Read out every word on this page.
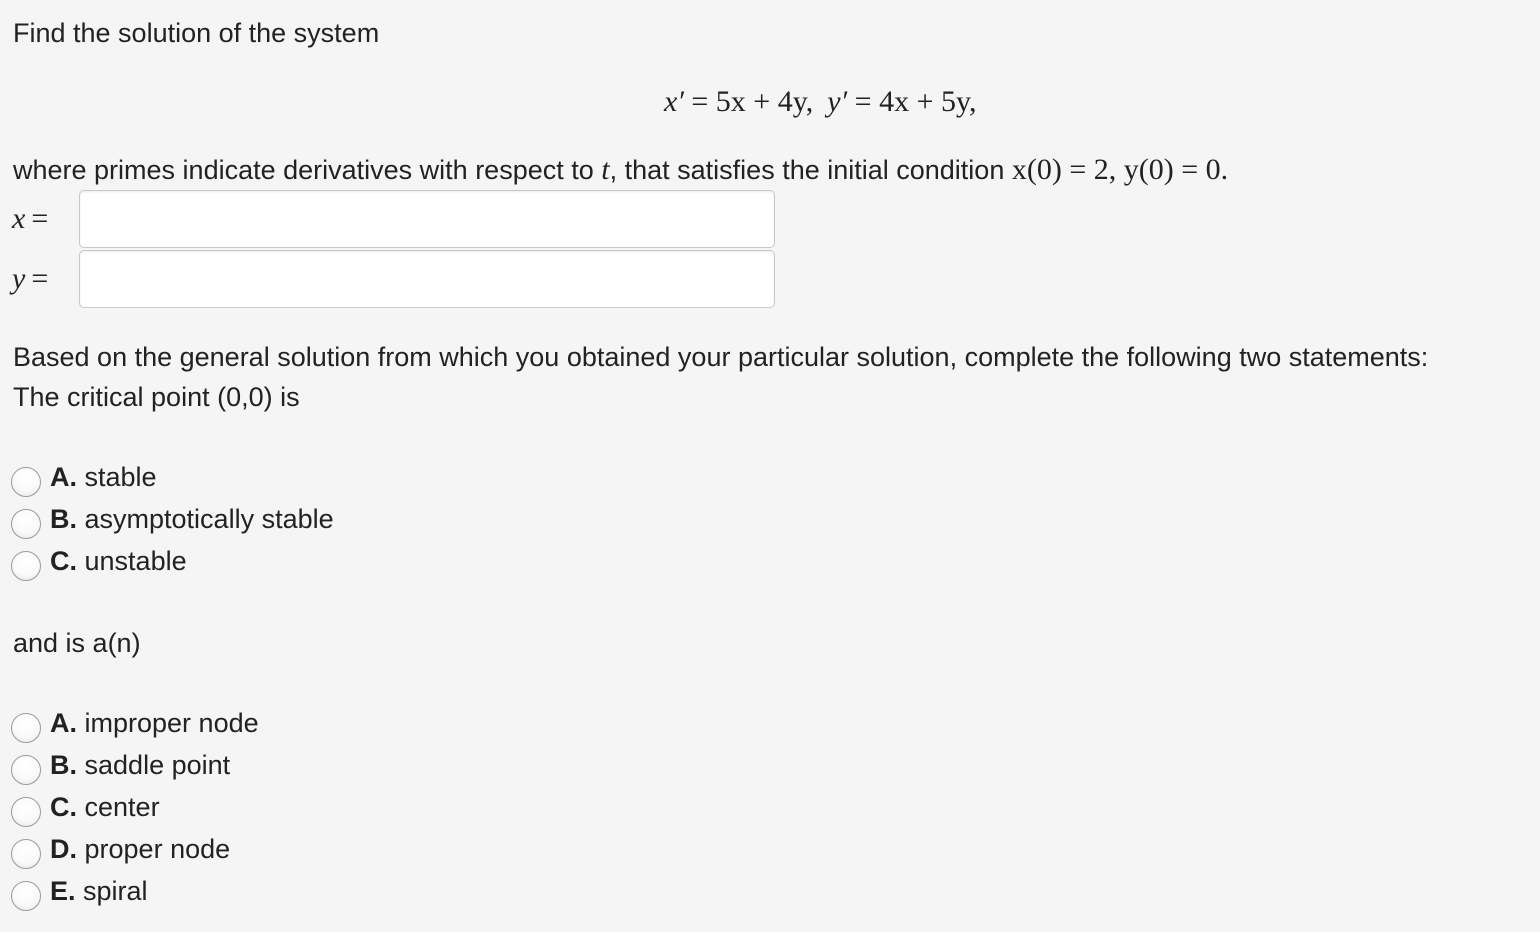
Find the solution of the system
x′ = 5x + 4y, y′ = 4x + 5y,
where primes indicate derivatives with respect to t, that satisfies the initial condition x(0) = 2, y(0) = 0.
x =
y =
Based on the general solution from which you obtained your particular solution, complete the following two statements:
The critical point (0,0) is
A. stable
B. asymptotically stable
C. unstable
and is a(n)
A. improper node
B. saddle point
C. center
D. proper node
E. spiral
